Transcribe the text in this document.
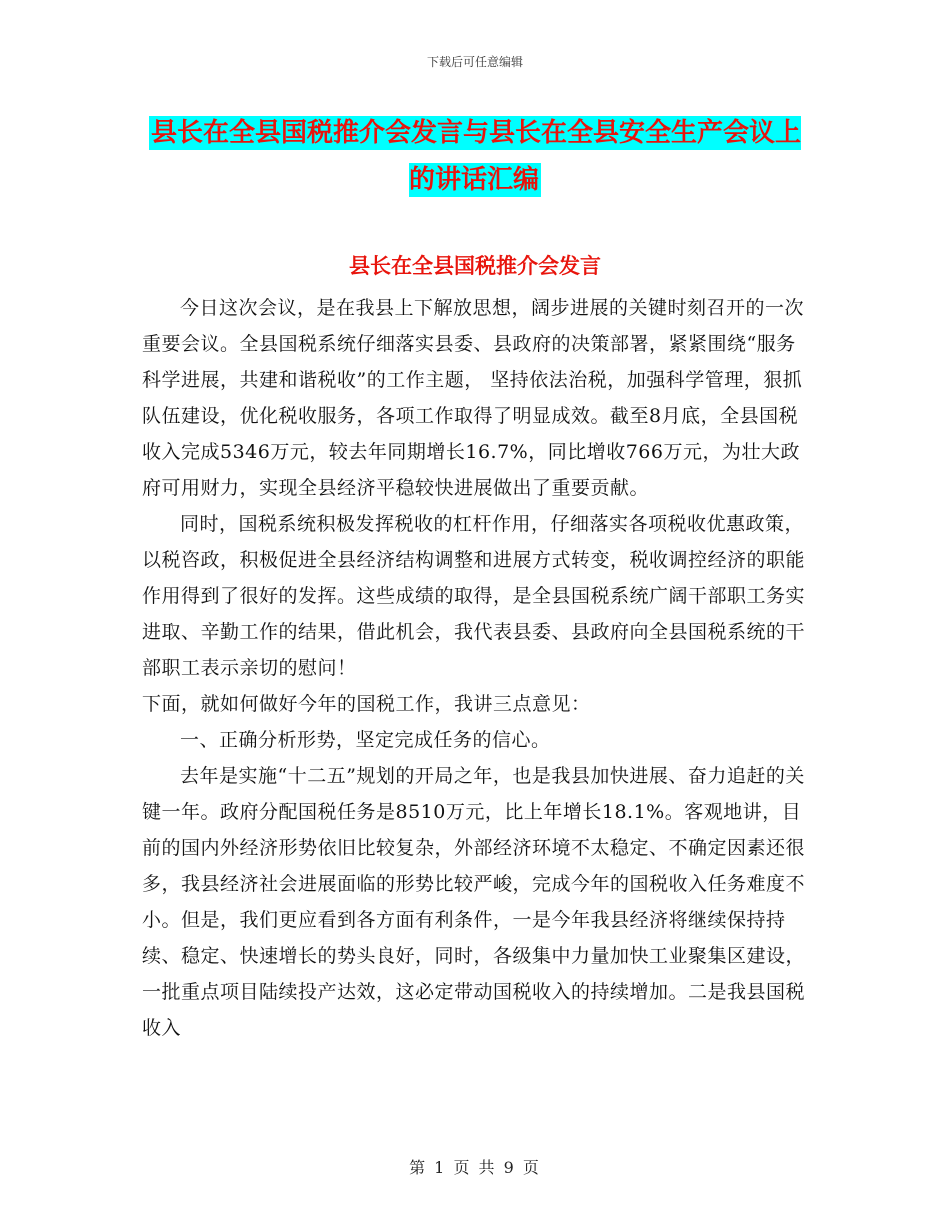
下载后可任意编辑
县长在全县国税推介会发言与县长在全县安全生产会议上的讲话汇编
县长在全县国税推介会发言

今日这次会议，是在我县上下解放思想，阔步进展的关键时刻召开的一次重要会议。全县国税系统仔细落实县委、县政府的决策部署，紧紧围绕“服务科学进展，共建和谐税收”的工作主题， 坚持依法治税，加强科学管理，狠抓队伍建设，优化税收服务，各项工作取得了明显成效。截至8月底，全县国税收入完成5346万元，较去年同期增长16.7%，同比增收766万元，为壮大政府可用财力，实现全县经济平稳较快进展做出了重要贡献。

同时，国税系统积极发挥税收的杠杆作用，仔细落实各项税收优惠政策，以税咨政，积极促进全县经济结构调整和进展方式转变，税收调控经济的职能作用得到了很好的发挥。这些成绩的取得，是全县国税系统广阔干部职工务实进取、辛勤工作的结果，借此机会，我代表县委、县政府向全县国税系统的干部职工表示亲切的慰问！

下面，就如何做好今年的国税工作，我讲三点意见：

一、正确分析形势，坚定完成任务的信心。

去年是实施“十二五”规划的开局之年，也是我县加快进展、奋力追赶的关键一年。政府分配国税任务是8510万元，比上年增长18.1%。客观地讲，目前的国内外经济形势依旧比较复杂，外部经济环境不太稳定、不确定因素还很多，我县经济社会进展面临的形势比较严峻，完成今年的国税收入任务难度不小。但是，我们更应看到各方面有利条件，一是今年我县经济将继续保持持续、稳定、快速增长的势头良好，同时，各级集中力量加快工业聚集区建设，一批重点项目陆续投产达效，这必定带动国税收入的持续增加。二是我县国税收入

第 1 页 共 9 页
